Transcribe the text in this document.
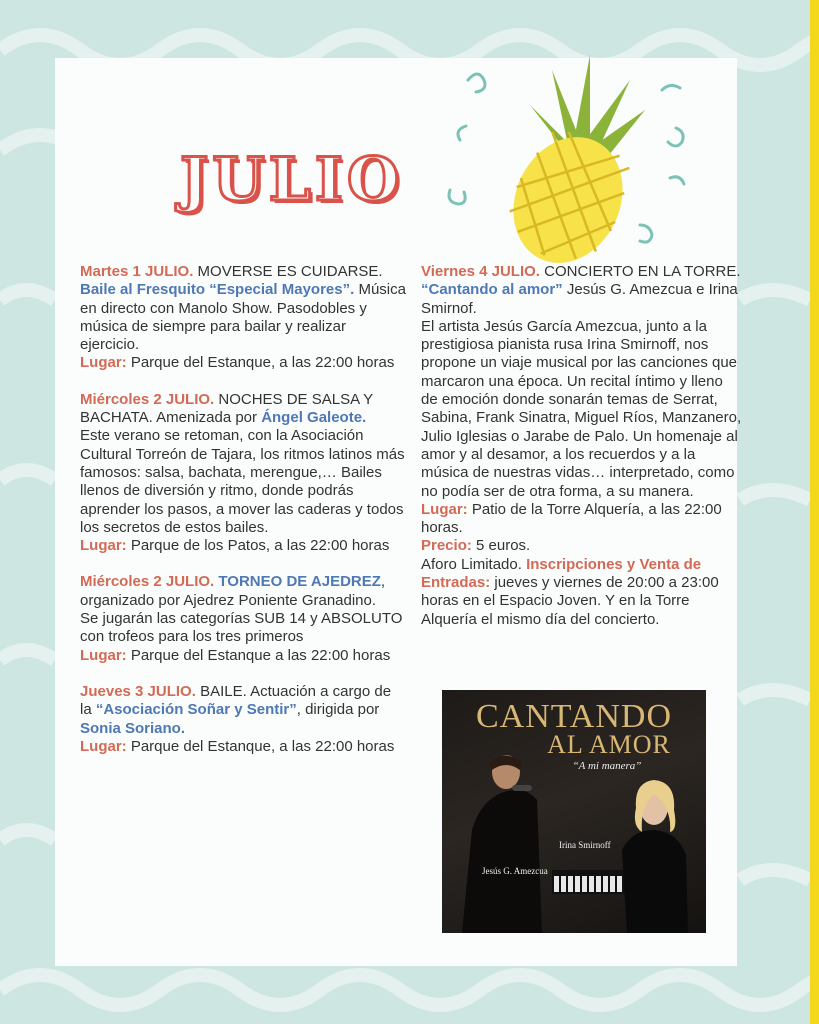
JULIO

Martes 1 JULIO. MOVERSE ES CUIDARSE. Baile al Fresquito “Especial Mayores”. Música en directo con Manolo Show. Pasodobles y música de siempre para bailar y realizar ejercicio.
Lugar: Parque del Estanque, a las 22:00 horas

Miércoles 2 JULIO. NOCHES DE SALSA Y BACHATA. Amenizada por Ángel Galeote.
Este verano se retoman, con la Asociación Cultural Torreón de Tajara, los ritmos latinos más famosos: salsa, bachata, merengue,… Bailes llenos de diversión y ritmo, donde podrás aprender los pasos, a mover las caderas y todos los secretos de estos bailes.
Lugar: Parque de los Patos, a las 22:00 horas

Miércoles 2 JULIO. TORNEO DE AJEDREZ, organizado por Ajedrez Poniente Granadino.
Se jugarán las categorías SUB 14 y ABSOLUTO con trofeos para los tres primeros
Lugar: Parque del Estanque a las 22:00 horas

Jueves 3 JULIO. BAILE. Actuación a cargo de la “Asociación Soñar y Sentir”, dirigida por Sonia Soriano.
Lugar: Parque del Estanque, a las 22:00 horas

Viernes 4 JULIO. CONCIERTO EN LA TORRE. “Cantando al amor” Jesús G. Amezcua e Irina Smirnof.
El artista Jesús García Amezcua, junto a la prestigiosa pianista rusa Irina Smirnoff, nos propone un viaje musical por las canciones que marcaron una época. Un recital íntimo y lleno de emoción donde sonarán temas de Serrat, Sabina, Frank Sinatra, Miguel Ríos, Manzanero, Julio Iglesias o Jarabe de Palo. Un homenaje al amor y al desamor, a los recuerdos y a la música de nuestras vidas… interpretado, como no podía ser de otra forma, a su manera.
Lugar: Patio de la Torre Alquería, a las 22:00 horas.
Precio: 5 euros.
Aforo Limitado. Inscripciones y Venta de Entradas: jueves y viernes de 20:00 a 23:00 horas en el Espacio Joven. Y en la Torre Alquería el mismo día del concierto.

CANTANDO
AL AMOR
“A mi manera”
Irina Smirnoff
Jesús G. Amezcua
